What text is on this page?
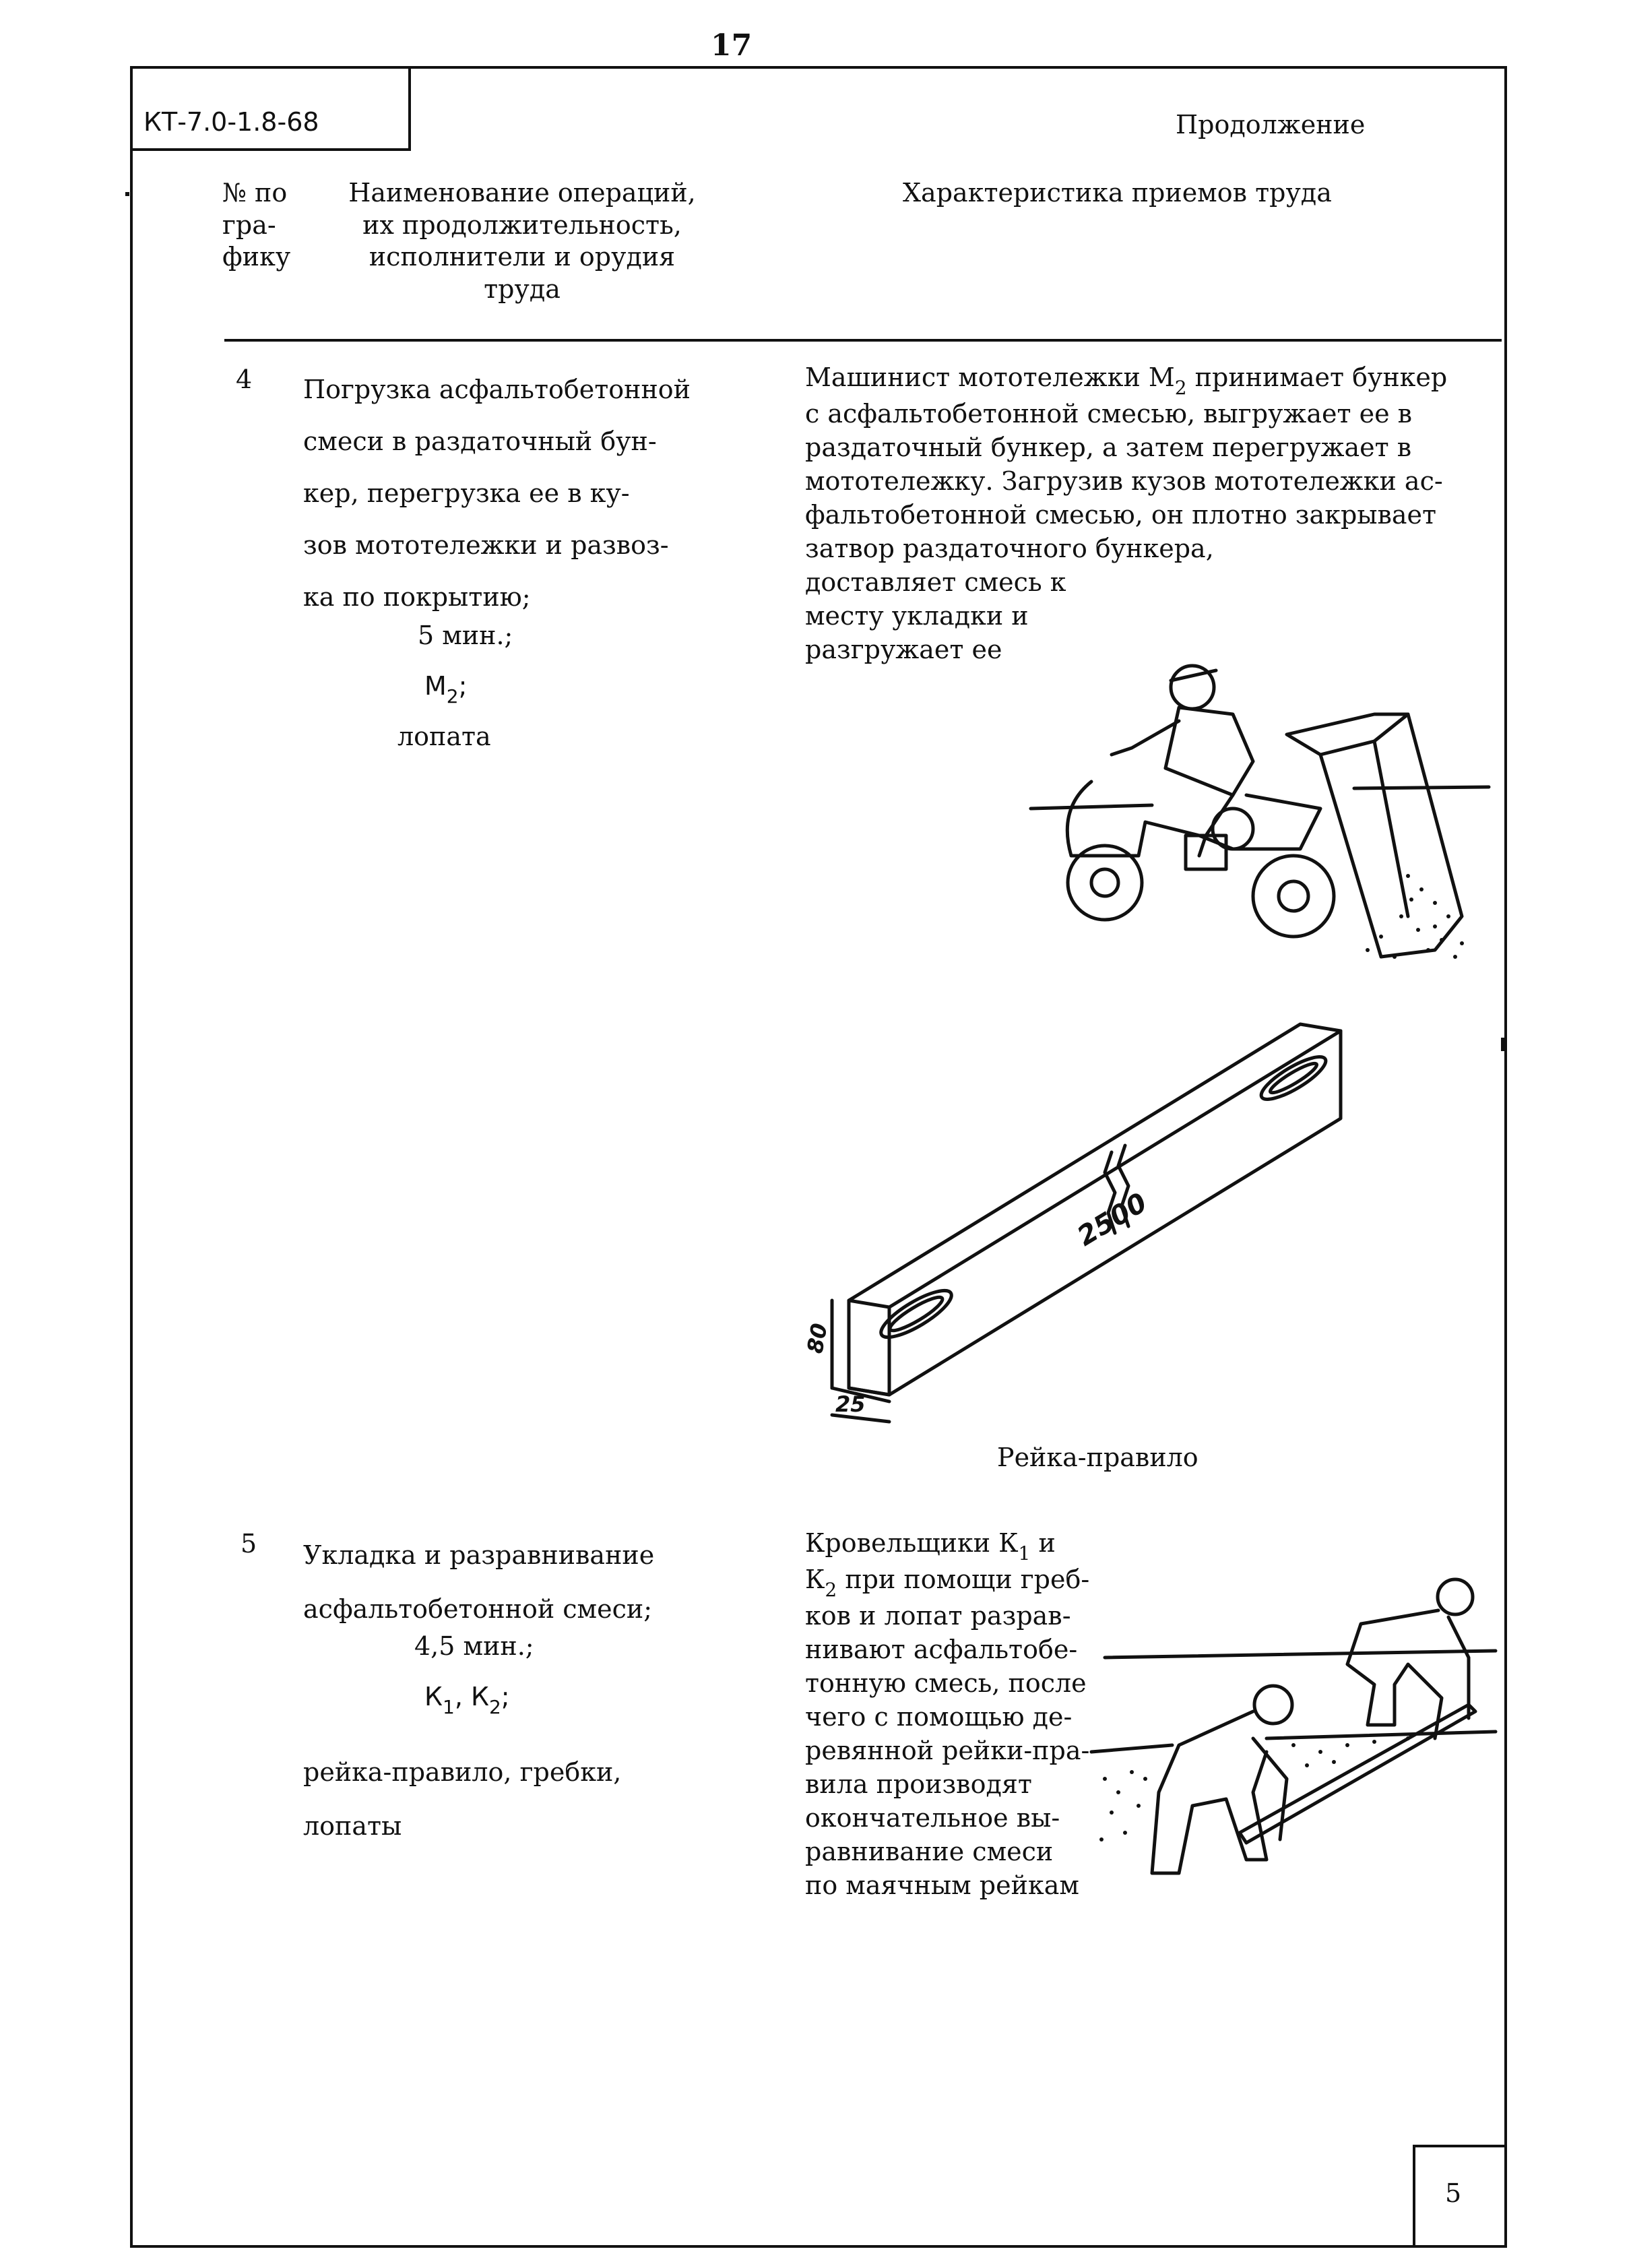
17
КТ-7.0-1.8-68	Продолжение
№ по
гра-
фику
Наименование операций,
их продолжительность,
исполнители и орудия
труда
Характеристика приемов труда
4 Погрузка асфальтобетонной
смеси в раздаточный бун-
кер, перегрузка ее в ку-
зов мототележки и развоз-
ка по покрытию;
5 мин.;
$М_2$;
лопата
Машинист мототележки $М_2$ принимает бункер
с асфальтобетонной смесью, выгружает ее в
раздаточный бункер, а затем перегружает в
мототележку. Загрузив кузов мототележки ас-
фальтобетонной смесью, он плотно закрывает
затвор раздаточного бункера,
доставляет смесь к
месту укладки и
разгружает ее
2500
80
25
Рейка-правило
5 Укладка и разравнивание
асфальтобетонной смеси;
4,5 мин.;
$К_1$, $К_2$;
рейка-правило, гребки,
лопаты
Кровельщики $К_1$ и
$К_2$ при помощи греб-
ков и лопат разрав-
нивают асфальтобе-
тонную смесь, после
чего с помощью де-
ревянной рейки-пра-
вила производят
окончательное вы-
равнивание смеси
по маячным рейкам
5
